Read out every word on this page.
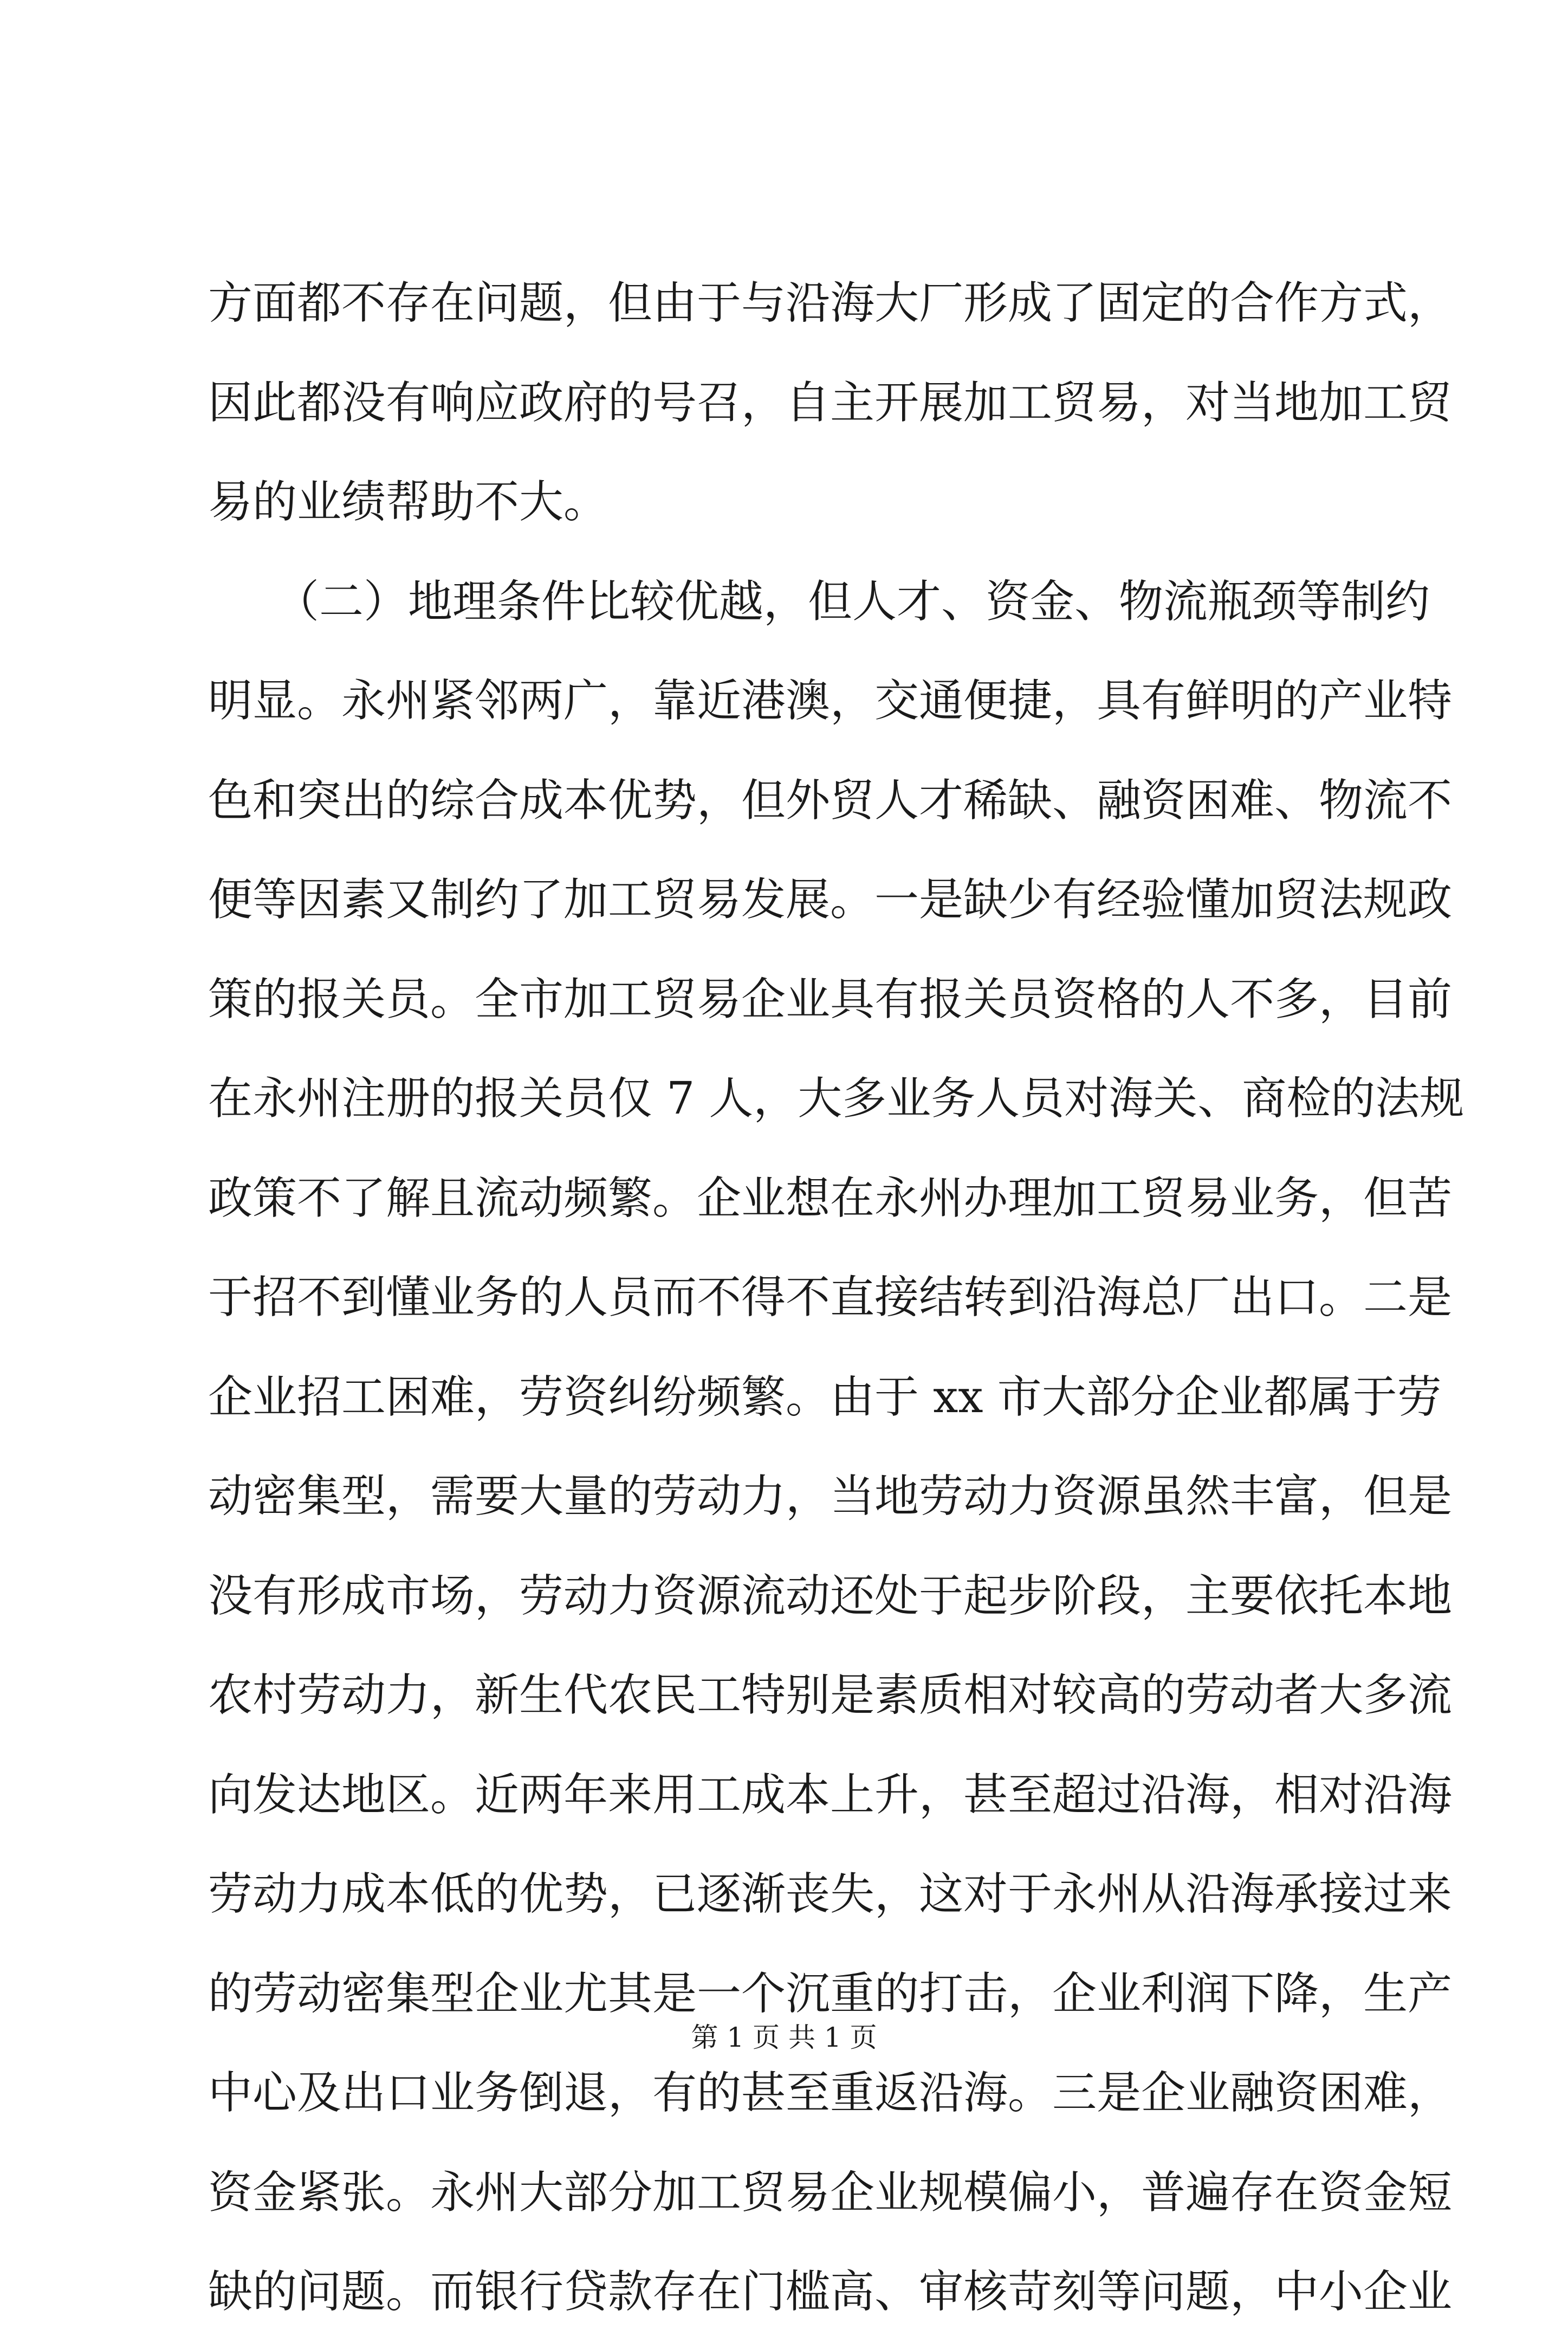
方面都不存在问题，但由于与沿海大厂形成了固定的合作方式，
因此都没有响应政府的号召，自主开展加工贸易，对当地加工贸
易的业绩帮助不大。
　　（二）地理条件比较优越，但人才、资金、物流瓶颈等制约
明显。永州紧邻两广，靠近港澳，交通便捷，具有鲜明的产业特
色和突出的综合成本优势，但外贸人才稀缺、融资困难、物流不
便等因素又制约了加工贸易发展。一是缺少有经验懂加贸法规政
策的报关员。全市加工贸易企业具有报关员资格的人不多，目前
在永州注册的报关员仅 7 人，大多业务人员对海关、商检的法规
政策不了解且流动频繁。企业想在永州办理加工贸易业务，但苦
于招不到懂业务的人员而不得不直接结转到沿海总厂出口。二是
企业招工困难，劳资纠纷频繁。由于 xx 市大部分企业都属于劳
动密集型，需要大量的劳动力，当地劳动力资源虽然丰富，但是
没有形成市场，劳动力资源流动还处于起步阶段，主要依托本地
农村劳动力，新生代农民工特别是素质相对较高的劳动者大多流
向发达地区。近两年来用工成本上升，甚至超过沿海，相对沿海
劳动力成本低的优势，已逐渐丧失，这对于永州从沿海承接过来
的劳动密集型企业尤其是一个沉重的打击，企业利润下降，生产
中心及出口业务倒退，有的甚至重返沿海。三是企业融资困难，
资金紧张。永州大部分加工贸易企业规模偏小，普遍存在资金短
缺的问题。而银行贷款存在门槛高、审核苛刻等问题，中小企业
第 1 页 共 1 页
